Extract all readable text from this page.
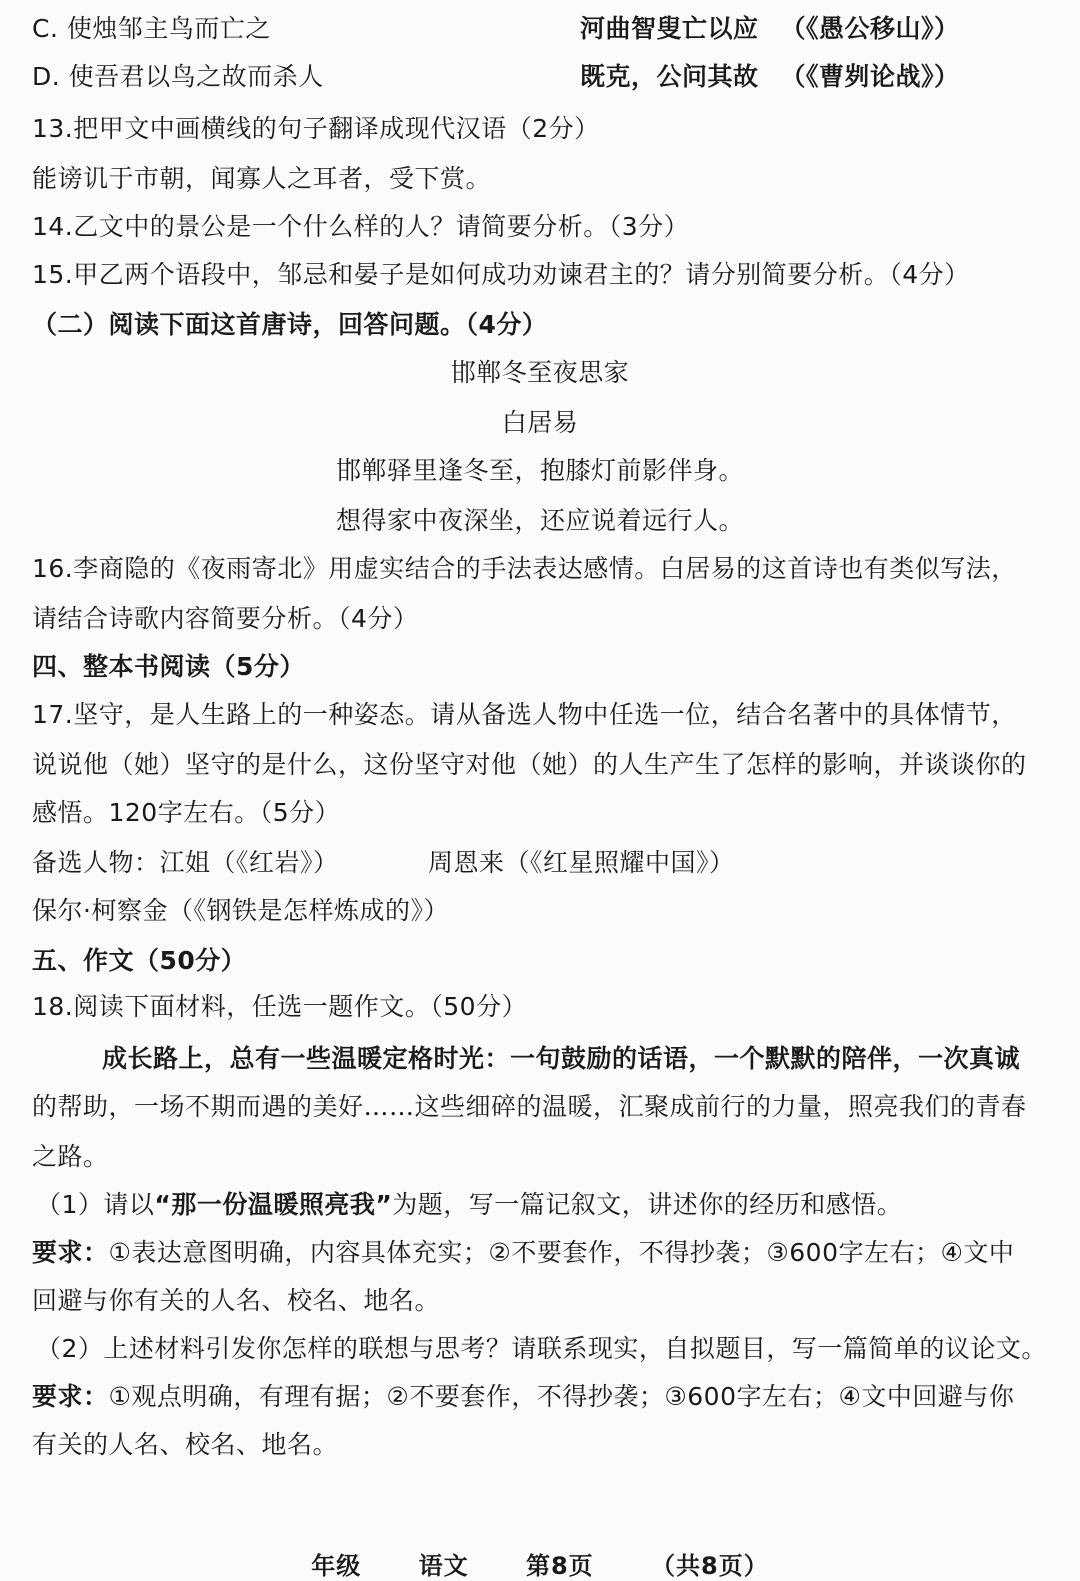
C. 使烛邹主鸟而亡之	河曲智叟亡以应 （《愚公移山》）
D. 使吾君以鸟之故而杀人	既克，公问其故 （《曹刿论战》）
13.把甲文中画横线的句子翻译成现代汉语（2分）
能谤讥于市朝，闻寡人之耳者，受下赏。
14.乙文中的景公是一个什么样的人？请简要分析。（3分）
15.甲乙两个语段中，邹忌和晏子是如何成功劝谏君主的？请分别简要分析。（4分）
（二）阅读下面这首唐诗，回答问题。（4分）
邯郸冬至夜思家
白居易
邯郸驿里逢冬至，抱膝灯前影伴身。
想得家中夜深坐，还应说着远行人。
16.李商隐的《夜雨寄北》用虚实结合的手法表达感情。白居易的这首诗也有类似写法，
请结合诗歌内容简要分析。（4分）
四、整本书阅读（5分）
17.坚守，是人生路上的一种姿态。请从备选人物中任选一位，结合名著中的具体情节，
说说他（她）坚守的是什么，这份坚守对他（她）的人生产生了怎样的影响，并谈谈你的
感悟。120字左右。（5分）
备选人物：江姐（《红岩》）	周恩来（《红星照耀中国》）
保尔·柯察金（《钢铁是怎样炼成的》）
五、作文（50分）
18.阅读下面材料，任选一题作文。（50分）
成长路上，总有一些温暖定格时光：一句鼓励的话语，一个默默的陪伴，一次真诚
的帮助，一场不期而遇的美好……这些细碎的温暖，汇聚成前行的力量，照亮我们的青春
之路。
（1）请以“那一份温暖照亮我”为题，写一篇记叙文，讲述你的经历和感悟。
要求：①表达意图明确，内容具体充实；②不要套作，不得抄袭；③600字左右；④文中
回避与你有关的人名、校名、地名。
（2）上述材料引发你怎样的联想与思考？请联系现实，自拟题目，写一篇简单的议论文。
要求：①观点明确，有理有据；②不要套作，不得抄袭；③600字左右；④文中回避与你
有关的人名、校名、地名。
年级 语文 第8页 （共8页）
